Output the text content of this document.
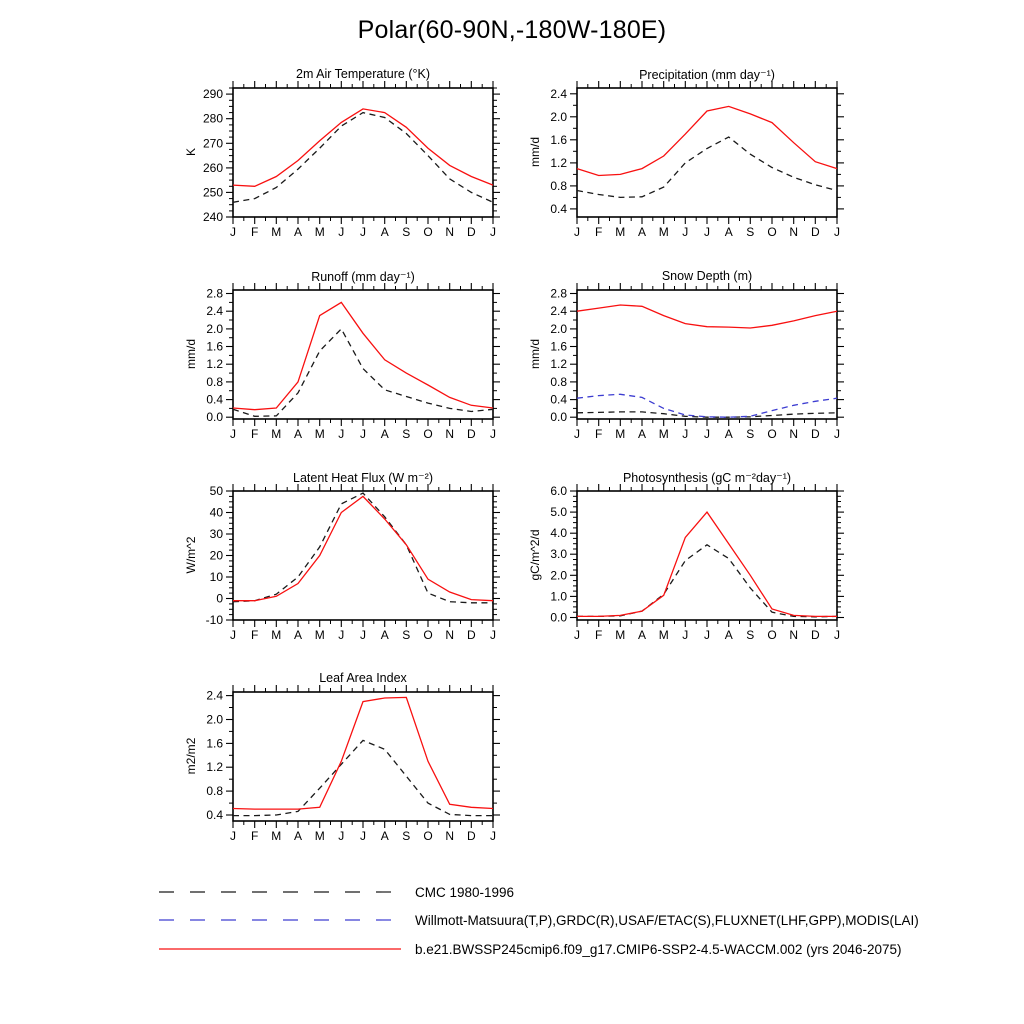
Polar(60-90N,-180W-180E)
J F M A M J J A S O N D J
240
250
260
270
280
290
2m Air Temperature (°K)
K
J F M A M J J A S O N D J
0.4
0.8
1.2
1.6
2.0
2.4
Precipitation (mm day⁻¹)
mm/d
J F M A M J J A S O N D J
0.0
0.4
0.8
1.2
1.6
2.0
2.4
2.8
Runoff (mm day⁻¹)
mm/d
J F M A M J J A S O N D J
0.0
0.4
0.8
1.2
1.6
2.0
2.4
2.8
Snow Depth (m)
mm/d
J F M A M J J A S O N D J
-10
0
10
20
30
40
50
Latent Heat Flux (W m⁻²)
W/m^2
J F M A M J J A S O N D J
0.0
1.0
2.0
3.0
4.0
5.0
6.0
Photosynthesis (gC m⁻²day⁻¹)
gC/m^2/d
J F M A M J J A S O N D J
0.4
0.8
1.2
1.6
2.0
2.4
Leaf Area Index
m2/m2
CMC 1980-1996
Willmott-Matsuura(T,P),GRDC(R),USAF/ETAC(S),FLUXNET(LHF,GPP),MODIS(LAI)
b.e21.BWSSP245cmip6.f09_g17.CMIP6-SSP2-4.5-WACCM.002 (yrs 2046-2075)
